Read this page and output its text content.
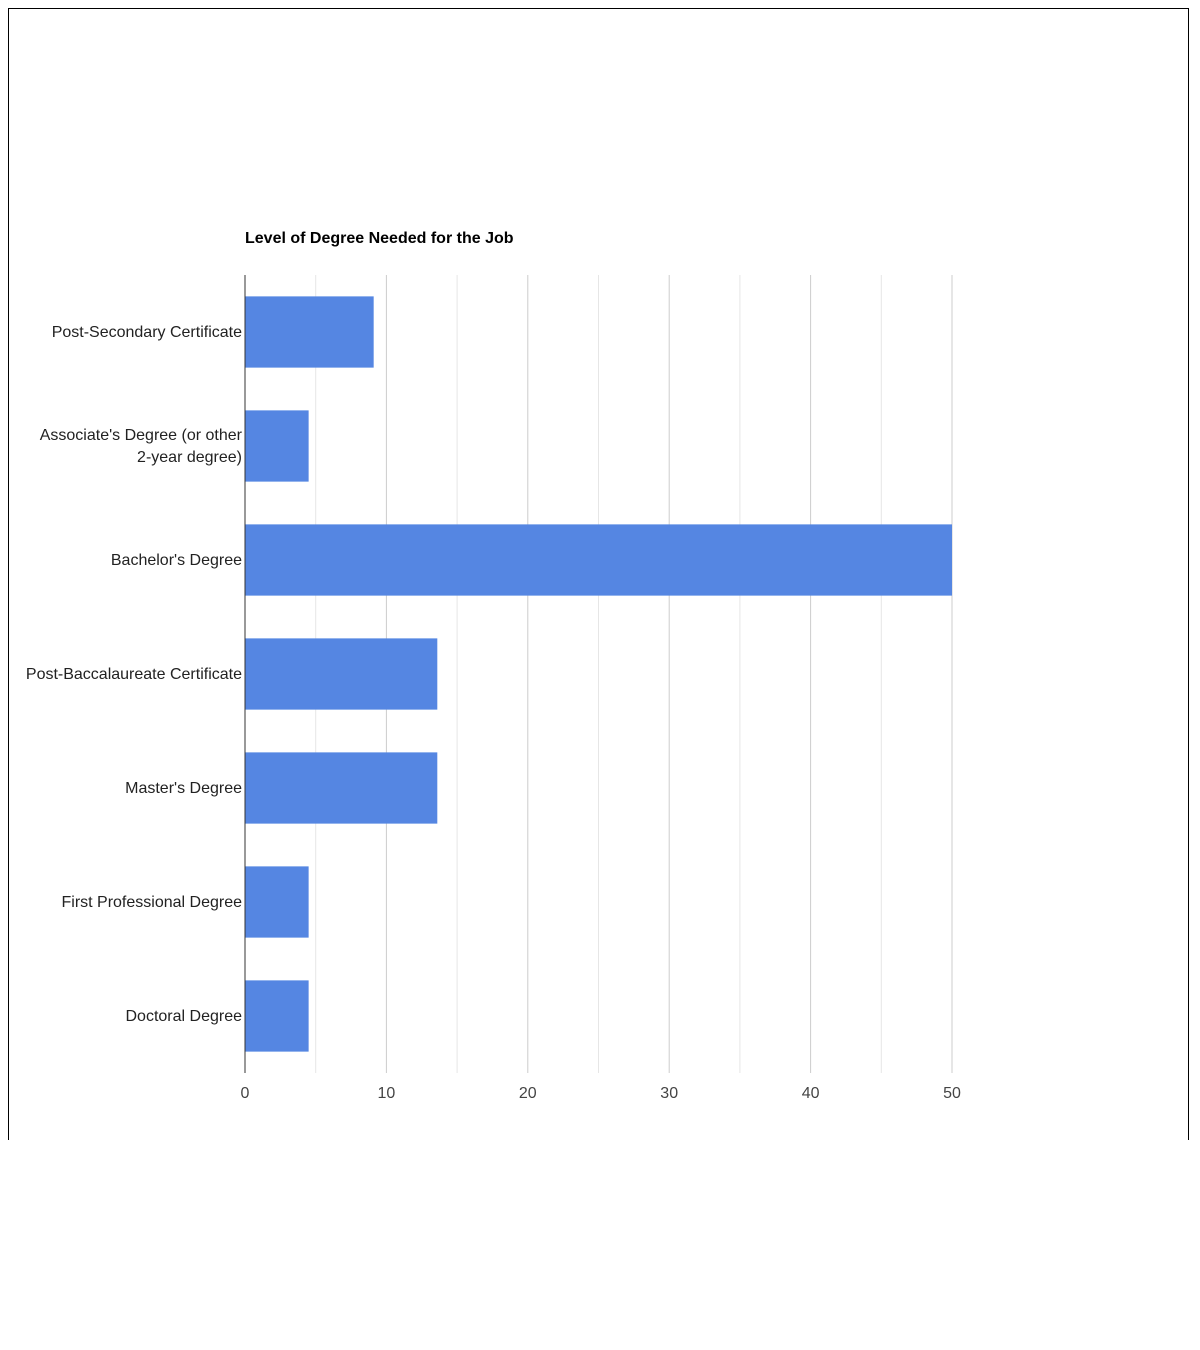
Level of Degree Needed for the Job
Post-Secondary Certificate
Associate's Degree (or other 2-year degree)
Bachelor's Degree
Post-Baccalaureate Certificate
Master's Degree
First Professional Degree
Doctoral Degree
0	10	20	30	40	50
